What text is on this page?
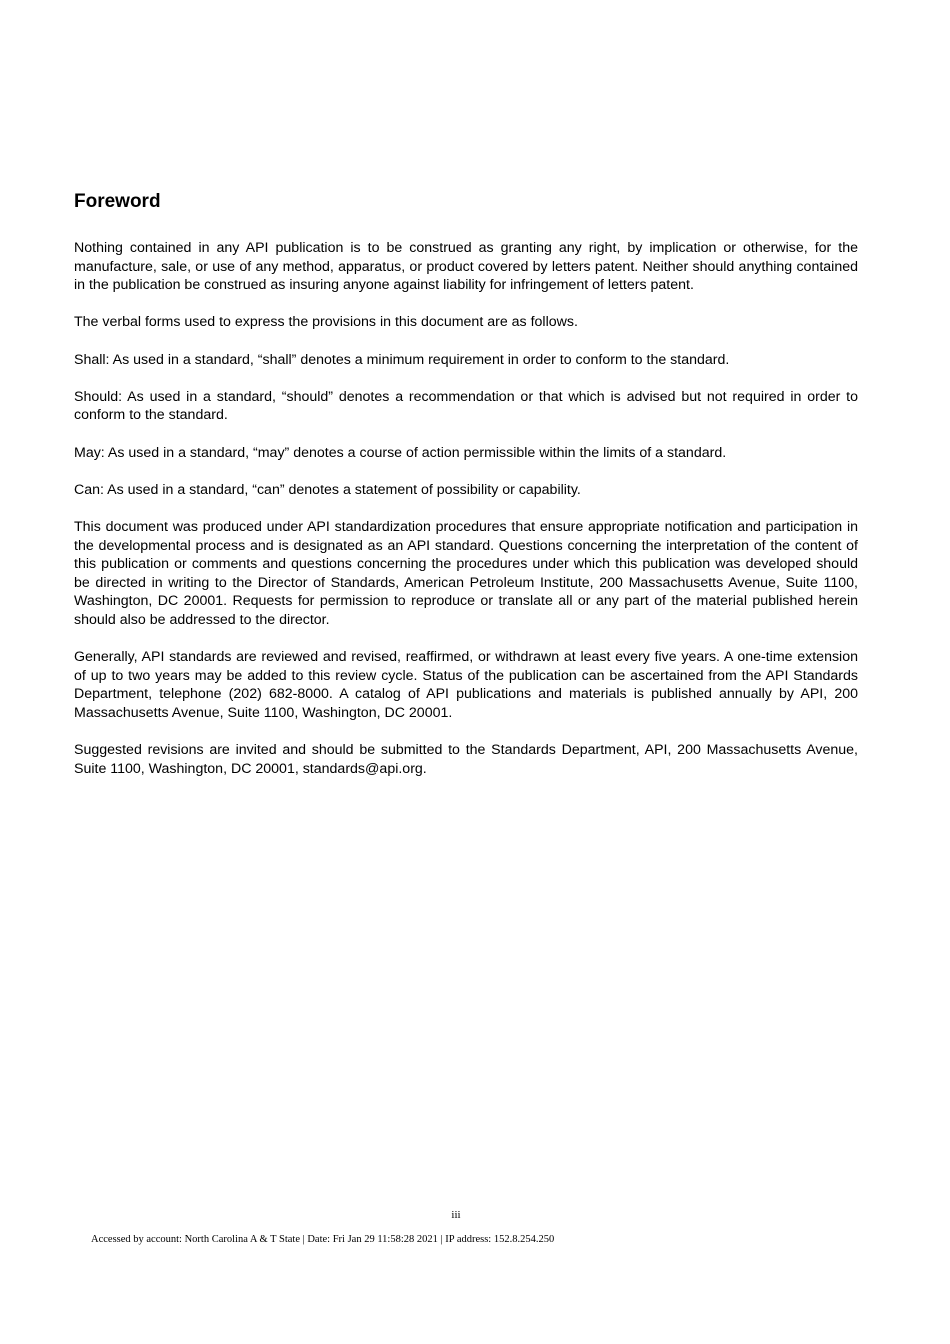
Foreword

Nothing contained in any API publication is to be construed as granting any right, by implication or otherwise, for the manufacture, sale, or use of any method, apparatus, or product covered by letters patent. Neither should anything contained in the publication be construed as insuring anyone against liability for infringement of letters patent.

The verbal forms used to express the provisions in this document are as follows.

Shall: As used in a standard, “shall” denotes a minimum requirement in order to conform to the standard.

Should: As used in a standard, “should” denotes a recommendation or that which is advised but not required in order to conform to the standard.

May: As used in a standard, “may” denotes a course of action permissible within the limits of a standard.

Can: As used in a standard, “can” denotes a statement of possibility or capability.

This document was produced under API standardization procedures that ensure appropriate notification and participation in the developmental process and is designated as an API standard. Questions concerning the interpretation of the content of this publication or comments and questions concerning the procedures under which this publication was developed should be directed in writing to the Director of Standards, American Petroleum Institute, 200 Massachusetts Avenue, Suite 1100, Washington, DC 20001. Requests for permission to reproduce or translate all or any part of the material published herein should also be addressed to the director.

Generally, API standards are reviewed and revised, reaffirmed, or withdrawn at least every five years. A one-time extension of up to two years may be added to this review cycle. Status of the publication can be ascertained from the API Standards Department, telephone (202) 682-8000. A catalog of API publications and materials is published annually by API, 200 Massachusetts Avenue, Suite 1100, Washington, DC 20001.

Suggested revisions are invited and should be submitted to the Standards Department, API, 200 Massachusetts Avenue, Suite 1100, Washington, DC 20001, standards@api.org.

iii
Accessed by account: North Carolina A & T State | Date: Fri Jan 29 11:58:28 2021 | IP address: 152.8.254.250
